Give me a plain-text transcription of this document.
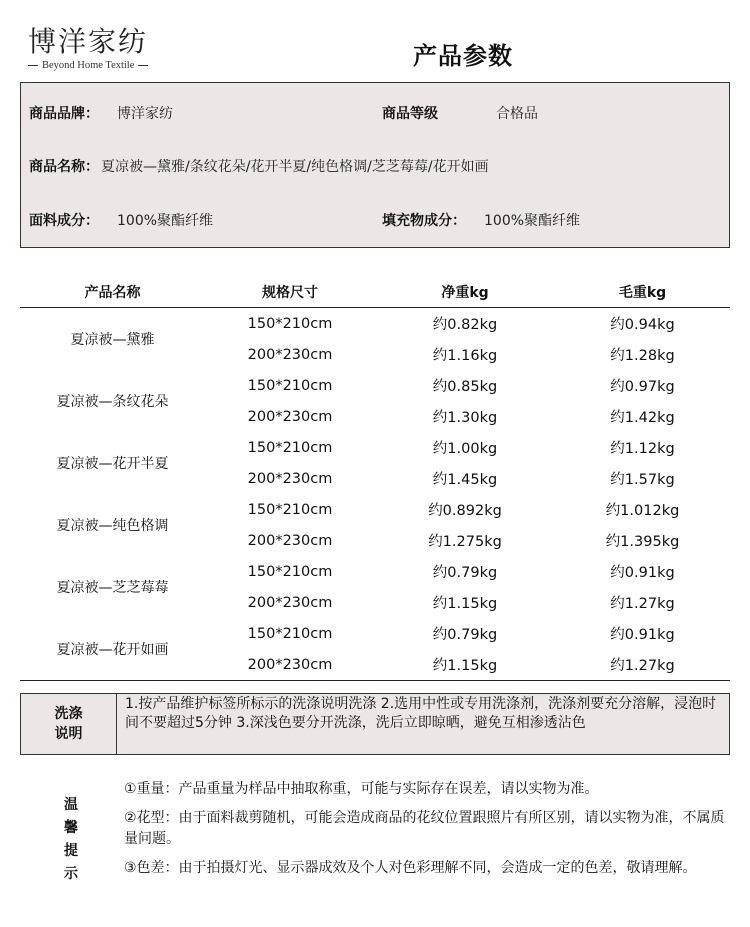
博洋家纺
Beyond Home Textile	产品参数
商品品牌： 博洋家纺	商品等级	合格品
商品名称： 夏凉被—黛雅/条纹花朵/花开半夏/纯色格调/芝芝莓莓/花开如画
面料成分： 100%聚酯纤维	填充物成分： 100%聚酯纤维
产品名称	规格尺寸	净重kg	毛重kg
夏凉被—黛雅	150*210cm	约0.82kg	约0.94kg
	200*230cm	约1.16kg	约1.28kg
夏凉被—条纹花朵	150*210cm	约0.85kg	约0.97kg
	200*230cm	约1.30kg	约1.42kg
夏凉被—花开半夏	150*210cm	约1.00kg	约1.12kg
	200*230cm	约1.45kg	约1.57kg
夏凉被—纯色格调	150*210cm	约0.892kg	约1.012kg
	200*230cm	约1.275kg	约1.395kg
夏凉被—芝芝莓莓	150*210cm	约0.79kg	约0.91kg
	200*230cm	约1.15kg	约1.27kg
夏凉被—花开如画	150*210cm	约0.79kg	约0.91kg
	200*230cm	约1.15kg	约1.27kg
洗涤
说明
1.按产品维护标签所标示的洗涤说明洗涤 2.选用中性或专用洗涤剂，洗涤剂要充分溶解，浸泡时间不要超过5分钟 3.深浅色要分开洗涤，洗后立即晾晒，避免互相渗透沾色
温
馨
提
示
①重量：产品重量为样品中抽取称重，可能与实际存在误差，请以实物为准。
②花型：由于面料裁剪随机，可能会造成商品的花纹位置跟照片有所区别，请以实物为准，不属质量问题。
③色差：由于拍摄灯光、显示器成效及个人对色彩理解不同，会造成一定的色差，敬请理解。
